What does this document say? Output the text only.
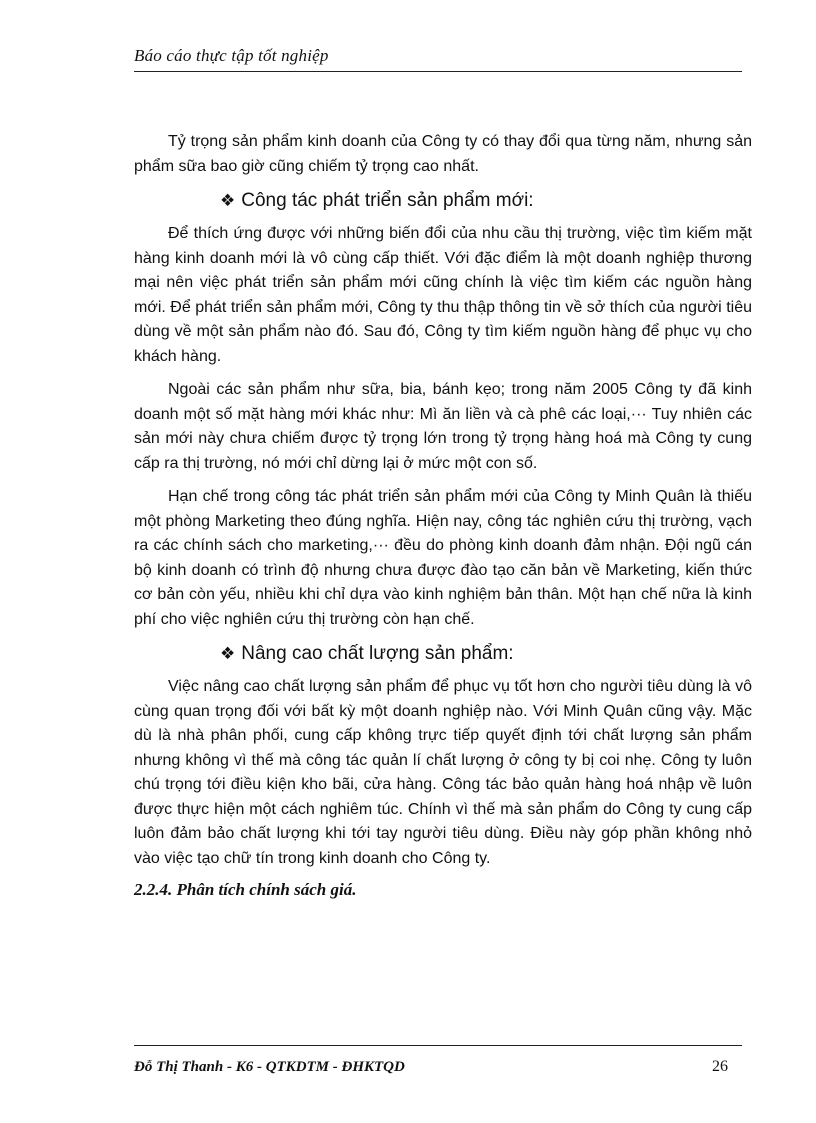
Báo cáo thực tập tốt nghiệp

Tỷ trọng sản phẩm kinh doanh của Công ty có thay đổi qua từng năm, nhưng sản phẩm sữa bao giờ cũng chiếm tỷ trọng cao nhất.

❖ Công tác phát triển sản phẩm mới:

Để thích ứng được với những biến đổi của nhu cầu thị trường, việc tìm kiếm mặt hàng kinh doanh mới là vô cùng cấp thiết. Với đặc điểm là một doanh nghiệp thương mại nên việc phát triển sản phẩm mới cũng chính là việc tìm kiếm các nguồn hàng mới. Để phát triển sản phẩm mới, Công ty thu thập thông tin về sở thích của người tiêu dùng về một sản phẩm nào đó. Sau đó, Công ty tìm kiếm nguồn hàng để phục vụ cho khách hàng.

Ngoài các sản phẩm như sữa, bia, bánh kẹo; trong năm 2005 Công ty đã kinh doanh một số mặt hàng mới khác như: Mì ăn liền và cà phê các loại,··· Tuy nhiên các sản mới này chưa chiếm được tỷ trọng lớn trong tỷ trọng hàng hoá mà Công ty cung cấp ra thị trường, nó mới chỉ dừng lại ở mức một con số.

Hạn chế trong công tác phát triển sản phẩm mới của Công ty Minh Quân là thiếu một phòng Marketing theo đúng nghĩa. Hiện nay, công tác nghiên cứu thị trường, vạch ra các chính sách cho marketing,··· đều do phòng kinh doanh đảm nhận. Đội ngũ cán bộ kinh doanh có trình độ nhưng chưa được đào tạo căn bản về Marketing, kiến thức cơ bản còn yếu, nhiều khi chỉ dựa vào kinh nghiệm bản thân. Một hạn chế nữa là kinh phí cho việc nghiên cứu thị trường còn hạn chế.

❖ Nâng cao chất lượng sản phẩm:

Việc nâng cao chất lượng sản phẩm để phục vụ tốt hơn cho người tiêu dùng là vô cùng quan trọng đối với bất kỳ một doanh nghiệp nào. Với Minh Quân cũng vậy. Mặc dù là nhà phân phối, cung cấp không trực tiếp quyết định tới chất lượng sản phẩm nhưng không vì thế mà công tác quản lí chất lượng ở công ty bị coi nhẹ. Công ty luôn chú trọng tới điều kiện kho bãi, cửa hàng. Công tác bảo quản hàng hoá nhập về luôn được thực hiện một cách nghiêm túc. Chính vì thế mà sản phẩm do Công ty cung cấp luôn đảm bảo chất lượng khi tới tay người tiêu dùng. Điều này góp phần không nhỏ vào việc tạo chữ tín trong kinh doanh cho Công ty.

2.2.4. Phân tích chính sách giá.
Đỗ Thị Thanh - K6 - QTKDTM - ĐHKTQD	26
